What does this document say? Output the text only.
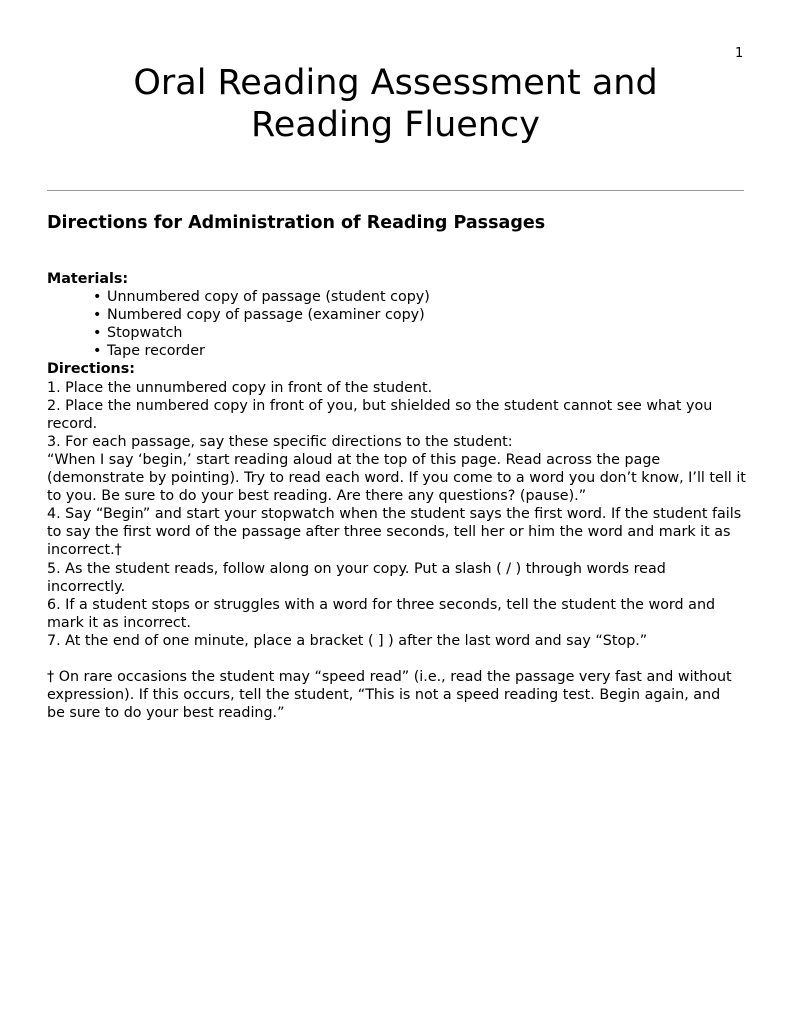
1
Oral Reading Assessment and
Reading Fluency
Directions for Administration of Reading Passages
Materials:
• Unnumbered copy of passage (student copy)
• Numbered copy of passage (examiner copy)
• Stopwatch
• Tape recorder
Directions:
1. Place the unnumbered copy in front of the student.
2. Place the numbered copy in front of you, but shielded so the student cannot see what you record.
3. For each passage, say these specific directions to the student:
“When I say ‘begin,’ start reading aloud at the top of this page. Read across the page (demonstrate by pointing). Try to read each word. If you come to a word you don’t know, I’ll tell it to you. Be sure to do your best reading. Are there any questions? (pause).”
4. Say “Begin” and start your stopwatch when the student says the first word. If the student fails to say the first word of the passage after three seconds, tell her or him the word and mark it as incorrect.†
5. As the student reads, follow along on your copy. Put a slash ( / ) through words read incorrectly.
6. If a student stops or struggles with a word for three seconds, tell the student the word and mark it as incorrect.
7. At the end of one minute, place a bracket ( ] ) after the last word and say “Stop.”
† On rare occasions the student may “speed read” (i.e., read the passage very fast and without
expression). If this occurs, tell the student, “This is not a speed reading test. Begin again, and
be sure to do your best reading.”
